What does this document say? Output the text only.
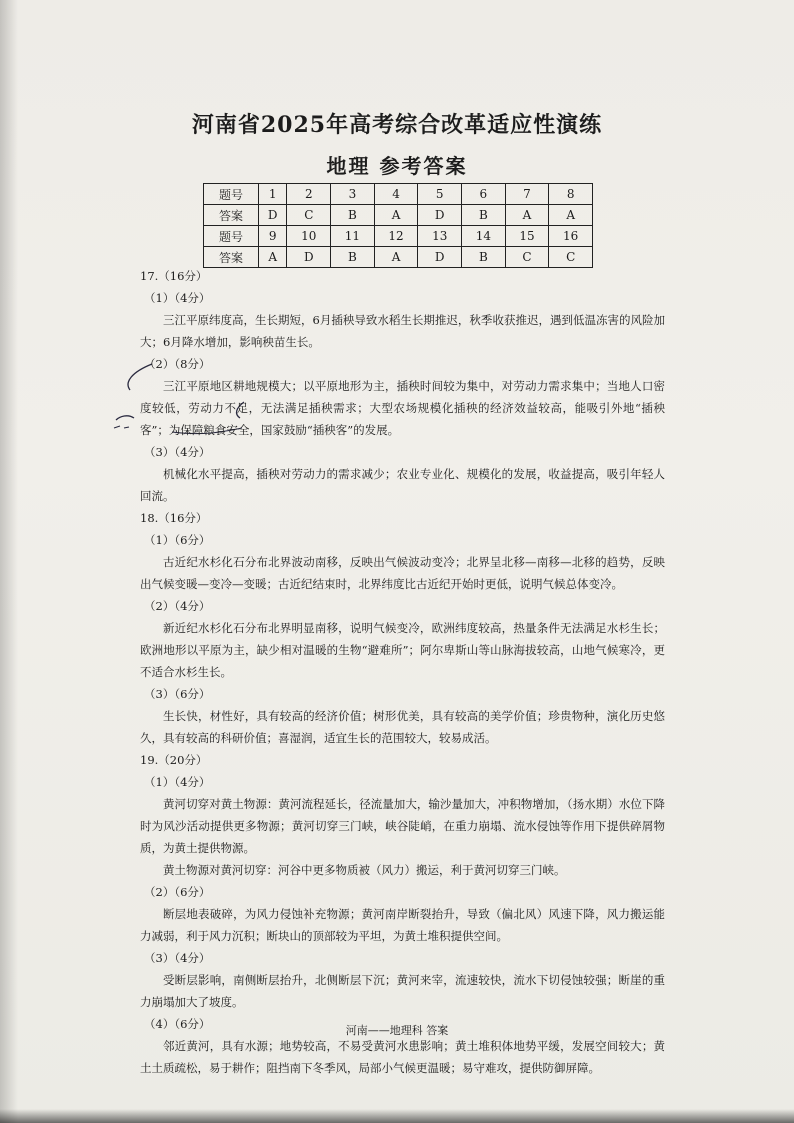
河南省2025年高考综合改革适应性演练
地理 参考答案
题号	1	2	3	4	5	6	7	8
答案	D	C	B	A	D	B	A	A
题号	9	10	11	12	13	14	15	16
答案	A	D	B	A	D	B	C	C

17.（16分）

（1）（4分）

三江平原纬度高，生长期短，6月插秧导致水稻生长期推迟，秋季收获推迟，遇到低温冻害的风险加大；6月降水增加，影响秧苗生长。

（2）（8分）

三江平原地区耕地规模大；以平原地形为主，插秧时间较为集中，对劳动力需求集中；当地人口密度较低，劳动力不足，无法满足插秧需求；大型农场规模化插秧的经济效益较高，能吸引外地“插秧客”；为保障粮食安全，国家鼓励“插秧客”的发展。

（3）（4分）

机械化水平提高，插秧对劳动力的需求减少；农业专业化、规模化的发展，收益提高，吸引年轻人回流。

18.（16分）

（1）（6分）

古近纪水杉化石分布北界波动南移，反映出气候波动变冷；北界呈北移—南移—北移的趋势，反映出气候变暖—变冷—变暖；古近纪结束时，北界纬度比古近纪开始时更低，说明气候总体变冷。

（2）（4分）

新近纪水杉化石分布北界明显南移，说明气候变冷，欧洲纬度较高，热量条件无法满足水杉生长；欧洲地形以平原为主，缺少相对温暖的生物“避难所”；阿尔卑斯山等山脉海拔较高，山地气候寒冷，更不适合水杉生长。

（3）（6分）

生长快，材性好，具有较高的经济价值；树形优美，具有较高的美学价值；珍贵物种，演化历史悠久，具有较高的科研价值；喜湿润，适宜生长的范围较大，较易成活。

19.（20分）

（1）（4分）

黄河切穿对黄土物源：黄河流程延长，径流量加大，输沙量加大，冲积物增加，（扬水期）水位下降时为风沙活动提供更多物源；黄河切穿三门峡，峡谷陡峭，在重力崩塌、流水侵蚀等作用下提供碎屑物质，为黄土提供物源。

黄土物源对黄河切穿：河谷中更多物质被（风力）搬运，利于黄河切穿三门峡。

（2）（6分）

断层地表破碎，为风力侵蚀补充物源；黄河南岸断裂抬升，导致（偏北风）风速下降，风力搬运能力减弱，利于风力沉积；断块山的顶部较为平坦，为黄土堆积提供空间。

（3）（4分）

受断层影响，南侧断层抬升，北侧断层下沉；黄河来宰，流速较快，流水下切侵蚀较强；断崖的重力崩塌加大了坡度。

（4）（6分）

邻近黄河，具有水源；地势较高，不易受黄河水患影响；黄土堆积体地势平缓，发展空间较大；黄土土质疏松，易于耕作；阻挡南下冬季风，局部小气候更温暖；易守难攻，提供防御屏障。

河南——地理科 答案
